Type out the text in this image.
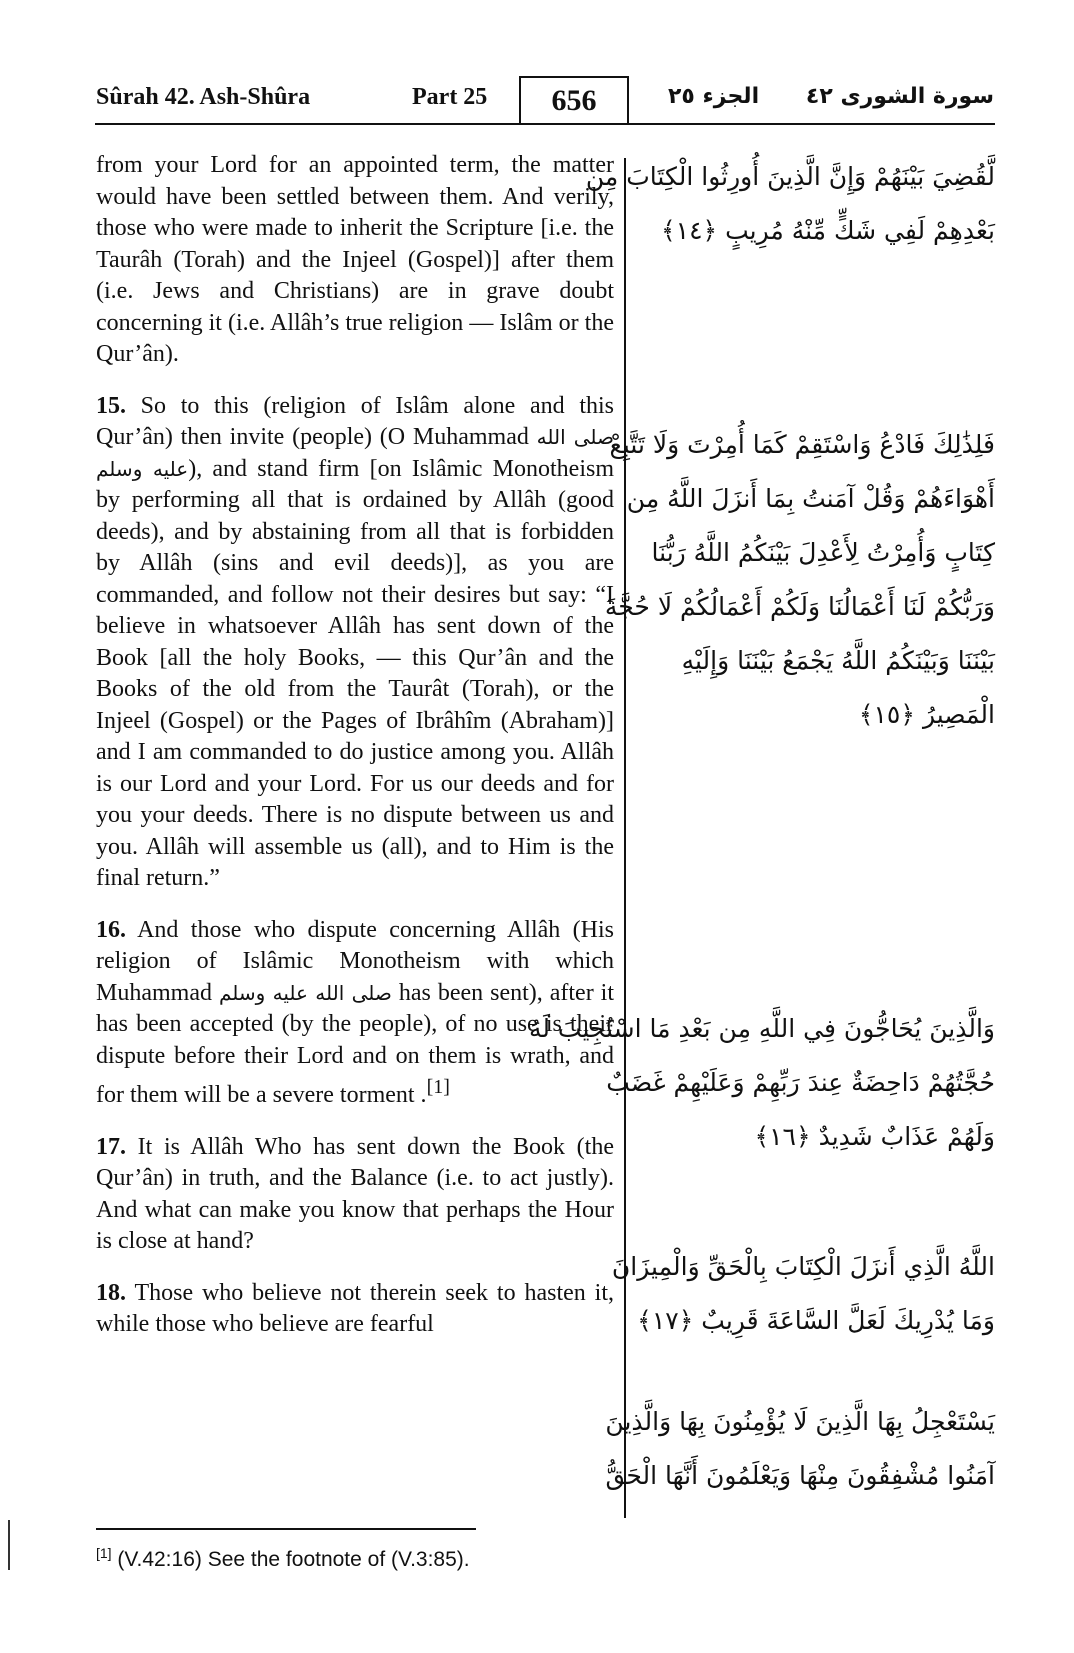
Sûrah 42. Ash-Shûra	Part 25	656	الجزء ٢٥ سورة الشورى ٤٢

from your Lord for an appointed term, the matter would have been settled between them. And verily, those who were made to inherit the Scripture [i.e. the Taurâh (Torah) and the Injeel (Gospel)] after them (i.e. Jews and Christians) are in grave doubt concerning it (i.e. Allâh’s true religion — Islâm or the Qur’ân).

15. So to this (religion of Islâm alone and this Qur’ân) then invite (people) (O Muhammad صلى الله عليه وسلم), and stand firm [on Islâmic Monotheism by performing all that is ordained by Allâh (good deeds), and by abstaining from all that is forbidden by Allâh (sins and evil deeds)], as you are commanded, and follow not their desires but say: “I believe in whatsoever Allâh has sent down of the Book [all the holy Books, — this Qur’ân and the Books of the old from the Taurât (Torah), or the Injeel (Gospel) or the Pages of Ibrâhîm (Abraham)] and I am commanded to do justice among you. Allâh is our Lord and your Lord. For us our deeds and for you your deeds. There is no dispute between us and you. Allâh will assemble us (all), and to Him is the final return.”

16. And those who dispute concerning Allâh (His religion of Islâmic Monotheism with which Muhammad صلى الله عليه وسلم has been sent), after it has been accepted (by the people), of no use is their dispute before their Lord and on them is wrath, and for them will be a severe torment .[1]

17. It is Allâh Who has sent down the Book (the Qur’ân) in truth, and the Balance (i.e. to act justly). And what can make you know that perhaps the Hour is close at hand?

18. Those who believe not therein seek to hasten it, while those who believe are fearful

لَّقُضِيَ بَيْنَهُمْ وَإِنَّ الَّذِينَ أُورِثُوا الْكِتَابَ مِن
بَعْدِهِمْ لَفِي شَكٍّ مِّنْهُ مُرِيبٍ ﴿١٤﴾
فَلِذَٰلِكَ فَادْعُ وَاسْتَقِمْ كَمَا أُمِرْتَ وَلَا تَتَّبِعْ
أَهْوَاءَهُمْ وَقُلْ آمَنتُ بِمَا أَنزَلَ اللَّهُ مِن
كِتَابٍ وَأُمِرْتُ لِأَعْدِلَ بَيْنَكُمُ اللَّهُ رَبُّنَا
وَرَبُّكُمْ لَنَا أَعْمَالُنَا وَلَكُمْ أَعْمَالُكُمْ لَا حُجَّةَ
بَيْنَنَا وَبَيْنَكُمُ اللَّهُ يَجْمَعُ بَيْنَنَا وَإِلَيْهِ
الْمَصِيرُ ﴿١٥﴾
وَالَّذِينَ يُحَاجُّونَ فِي اللَّهِ مِن بَعْدِ مَا اسْتُجِيبَ لَهُ
حُجَّتُهُمْ دَاحِضَةٌ عِندَ رَبِّهِمْ وَعَلَيْهِمْ غَضَبٌ
وَلَهُمْ عَذَابٌ شَدِيدٌ ﴿١٦﴾
اللَّهُ الَّذِي أَنزَلَ الْكِتَابَ بِالْحَقِّ وَالْمِيزَانَ
وَمَا يُدْرِيكَ لَعَلَّ السَّاعَةَ قَرِيبٌ ﴿١٧﴾
يَسْتَعْجِلُ بِهَا الَّذِينَ لَا يُؤْمِنُونَ بِهَا وَالَّذِينَ
آمَنُوا مُشْفِقُونَ مِنْهَا وَيَعْلَمُونَ أَنَّهَا الْحَقُّ
[1] (V.42:16) See the footnote of (V.3:85).
